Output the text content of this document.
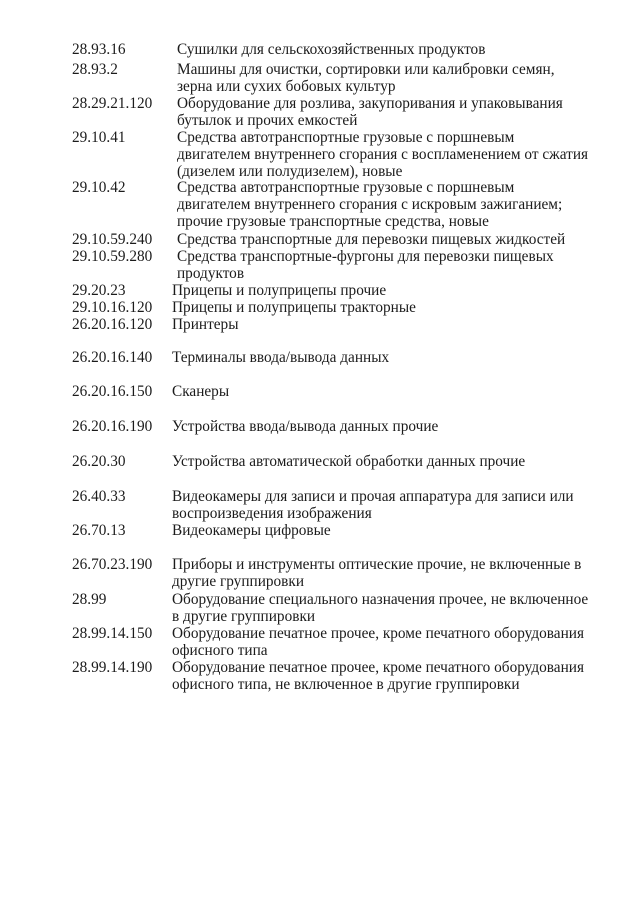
28.93.16	Сушилки для сельскохозяйственных продуктов
28.93.2	Машины для очистки, сортировки или калибровки семян,
зерна или сухих бобовых культур
28.29.21.120 Оборудование для розлива, закупоривания и упаковывания
бутылок и прочих емкостей
29.10.41	Средства автотранспортные грузовые с поршневым
двигателем внутреннего сгорания с воспламенением от сжатия
(дизелем или полудизелем), новые
29.10.42	Средства автотранспортные грузовые с поршневым
двигателем внутреннего сгорания с искровым зажиганием;
прочие грузовые транспортные средства, новые
29.10.59.240 Средства транспортные для перевозки пищевых жидкостей
29.10.59.280 Средства транспортные-фургоны для перевозки пищевых
продуктов
29.20.23	Прицепы и полуприцепы прочие
29.10.16.120 Прицепы и полуприцепы тракторные
26.20.16.120 Принтеры
26.20.16.140 Терминалы ввода/вывода данных
26.20.16.150 Сканеры
26.20.16.190 Устройства ввода/вывода данных прочие
26.20.30	Устройства автоматической обработки данных прочие
26.40.33	Видеокамеры для записи и прочая аппаратура для записи или
воспроизведения изображения
26.70.13	Видеокамеры цифровые
26.70.23.190 Приборы и инструменты оптические прочие, не включенные в
другие группировки
28.99	Оборудование специального назначения прочее, не включенное
в другие группировки
28.99.14.150 Оборудование печатное прочее, кроме печатного оборудования
офисного типа
28.99.14.190 Оборудование печатное прочее, кроме печатного оборудования
офисного типа, не включенное в другие группировки
